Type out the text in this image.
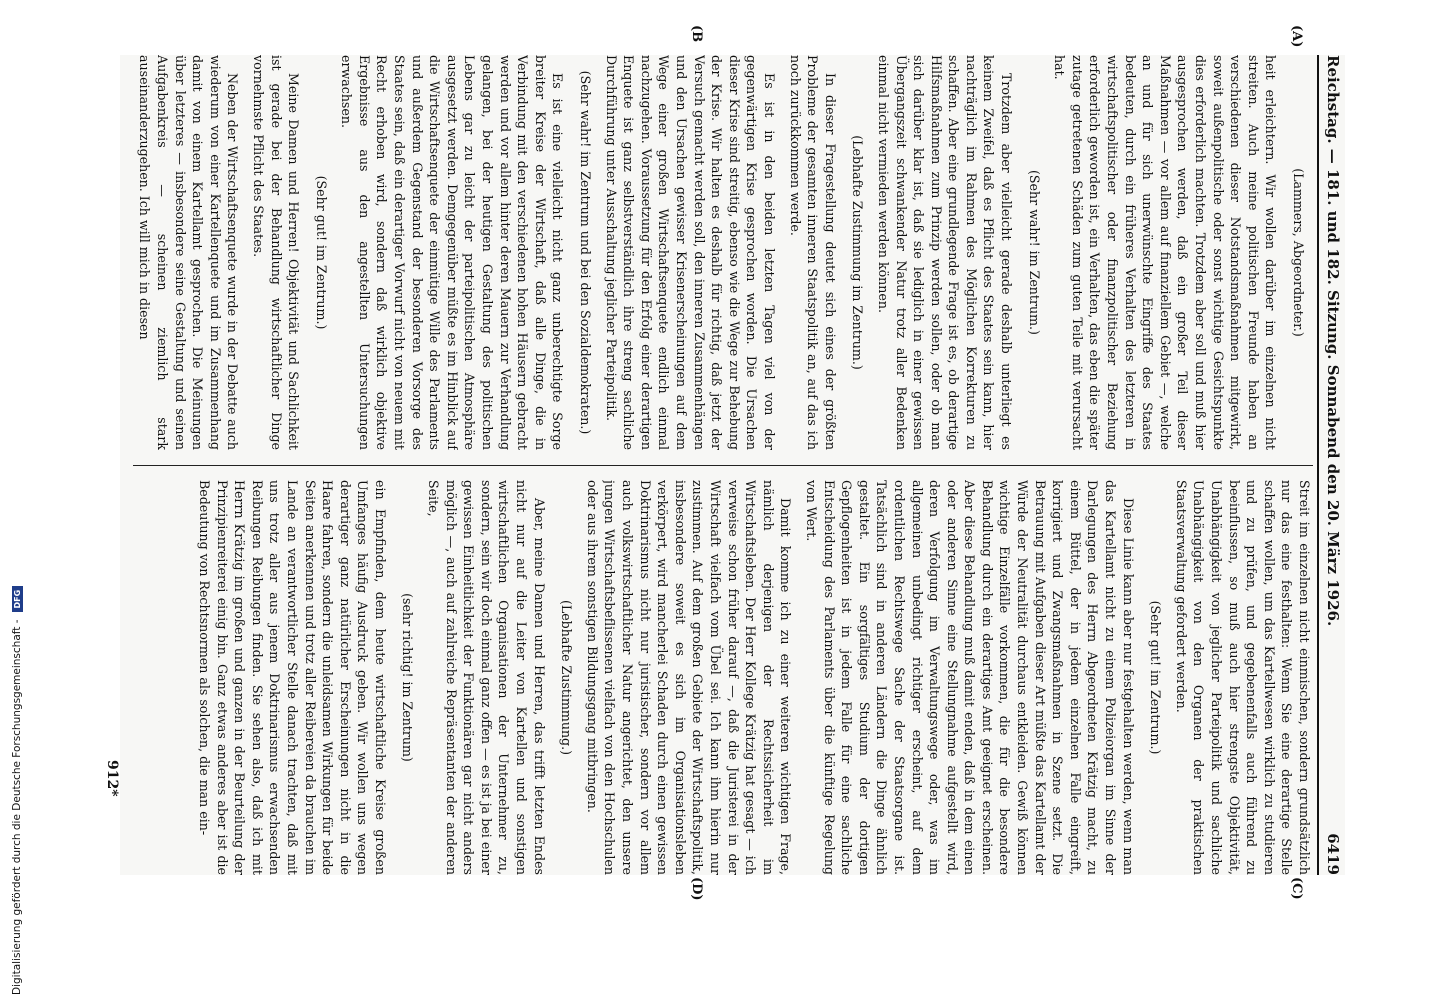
Reichstag. — 181. und 182. Sitzung. Sonnabend den 20. März 1926.
6419

(Lammers, Abgeordneter.)

heit erleichtern. Wir wollen darüber im einzelnen nicht streiten. Auch meine politischen Freunde haben an verschiedenen dieser Notstandsmaßnahmen mitgewirkt, soweit außenpolitische oder sonst wichtige Gesichtspunkte dies erforderlich machten. Trotzdem aber soll und muß hier ausgesprochen werden, daß ein großer Teil dieser Maßnahmen — vor allem auf finanziellem Gebiet —, welche an und für sich unerwünschte Eingriffe des Staates bedeuten, durch ein früheres Verhalten des letzteren in wirtschaftspolitischer oder finanzpolitischer Beziehung erforderlich geworden ist, ein Verhalten, das eben die später zutage getretenen Schäden zum guten Teile mit verursacht hat.

(Sehr wahr! im Zentrum.)

Trotzdem aber vielleicht gerade deshalb unterliegt es keinem Zweifel, daß es Pflicht des Staates sein kann, hier nachträglich im Rahmen des Möglichen Korrekturen zu schaffen. Aber eine grundlegende Frage ist es, ob derartige Hilfsmaßnahmen zum Prinzip werden sollen, oder ob man sich darüber klar ist, daß sie lediglich in einer gewissen Übergangszeit schwankender Natur trotz aller Bedenken einmal nicht vermieden werden können.

(Lebhafte Zustimmung im Zentrum.)

In dieser Fragestellung deutet sich eines der größten Probleme der gesamten inneren Staatspolitik an, auf das ich noch zurückkommen werde.

Es ist in den beiden letzten Tagen viel von der gegenwärtigen Krise gesprochen worden. Die Ursachen dieser Krise sind streitig, ebenso wie die Wege zur Behebung der Krise. Wir halten es deshalb für richtig, daß jetzt der Versuch gemacht werden soll, den inneren Zusammenhängen und den Ursachen gewisser Krisenerscheinungen auf dem Wege einer großen Wirtschaftsenquete endlich einmal nachzugehen. Voraussetzung für den Erfolg einer derartigen Enquete ist ganz selbstverständlich ihre streng sachliche Durchführung unter Ausschaltung jeglicher Parteipolitik.

(Sehr wahr! im Zentrum und bei den Sozialdemokraten.)

Es ist eine vielleicht nicht ganz unberechtigte Sorge breiter Kreise der Wirtschaft, daß alle Dinge, die in Verbindung mit den verschiedenen hohen Häusern gebracht werden und vor allem hinter deren Mauern zur Verhandlung gelangen, bei der heutigen Gestaltung des politischen Lebens gar zu leicht der parteipolitischen Atmosphäre ausgesetzt werden. Demgegenüber müßte es im Hinblick auf die Wirtschaftsenquete der einmütige Wille des Parlaments und außerdem Gegenstand der besonderen Vorsorge des Staates sein, daß ein derartiger Vorwurf nicht von neuem mit Recht erhoben wird, sondern daß wirklich objektive Ergebnisse aus den angestellten Untersuchungen erwachsen.

(Sehr gut! im Zentrum.)

Meine Damen und Herren! Objektivität und Sachlichkeit ist gerade bei der Behandlung wirtschaftlicher Dinge vornehmste Pflicht des Staates.

Neben der Wirtschaftsenquete wurde in der Debatte auch wiederum von einer Kartellenquete und im Zusammenhang damit von einem Kartellamt gesprochen. Die Meinungen über letzteres — insbesondere seine Gestaltung und seinen Aufgabenkreis — scheinen ziemlich stark auseinanderzugehen. Ich will mich in diesen

Streit im einzelnen nicht einmischen, sondern grundsätzlich nur das eine festhalten: Wenn Sie eine derartige Stelle schaffen wollen, um das Kartellwesen wirklich zu studieren und zu prüfen, und gegebenenfalls auch führend zu beeinflussen, so muß auch hier strengste Objektivität, Unabhängigkeit von jeglicher Parteipolitik und sachliche Unabhängigkeit von den Organen der praktischen Staatsverwaltung gefordert werden.

(Sehr gut! im Zentrum.)

Diese Linie kann aber nur festgehalten werden, wenn man das Kartellamt nicht zu einem Polizeiorgan im Sinne der Darlegungen des Herrn Abgeordneten Krätzig macht, zu einem Büttel, der in jedem einzelnen Falle eingreift, korrigiert und Zwangsmaßnahmen in Szene setzt. Die Betrauung mit Aufgaben dieser Art müßte das Kartellamt der Würde der Neutralität durchaus entkleiden. Gewiß können wichtige Einzelfälle vorkommen, die für die besondere Behandlung durch ein derartiges Amt geeignet erscheinen. Aber diese Behandlung muß damit enden, daß in dem einen oder anderen Sinne eine Stellungnahme aufgestellt wird, deren Verfolgung im Verwaltungswege oder, was im allgemeinen unbedingt richtiger erscheint, auf dem ordentlichen Rechtswege Sache der Staatsorgane ist. Tatsächlich sind in anderen Ländern die Dinge ähnlich gestaltet. Ein sorgfältiges Studium der dortigen Gepflogenheiten ist in jedem Falle für eine sachliche Entscheidung des Parlaments über die künftige Regelung von Wert.

Damit komme ich zu einer weiteren wichtigen Frage, nämlich derjenigen der Rechtssicherheit im Wirtschaftsleben. Der Herr Kollege Krätzig hat gesagt — ich verweise schon früher darauf —, daß die Juristerei in der Wirtschaft vielfach vom Übel sei. Ich kann ihm hierin nur zustimmen. Auf dem großen Gebiete der Wirtschaftspolitik, insbesondere soweit es sich im Organisationsleben verkörpert, wird mancherlei Schaden durch einen gewissen Doktrinarismus nicht nur juristischer, sondern vor allem auch volkswirtschaftlicher Natur angerichtet, den unsere jungen Wirtschaftsbeflissenen vielfach von den Hochschulen oder aus ihrem sonstigen Bildungsgang mitbringen.

(Lebhafte Zustimmung.)

Aber, meine Damen und Herren, das trifft letzten Endes nicht nur auf die Leiter von Kartellen und sonstigen wirtschaftlichen Organisationen der Unternehmer zu, sondern, sein wir doch einmal ganz offen — es ist ja bei einer gewissen Einheitlichkeit der Funktionären gar nicht anders möglich —, auch auf zahlreiche Repräsentanten der anderen Seite,

(sehr richtig! im Zentrum)

ein Empfinden, dem heute wirtschaftliche Kreise großen Umfanges häufig Ausdruck geben. Wir wollen uns wegen derartiger ganz natürlicher Erscheinungen nicht in die Haare fahren, sondern die unleidsamen Wirkungen für beide Seiten anerkennen und trotz aller Reibereien da brauchen im Lande an verantwortlicher Stelle danach trachten, daß mit uns trotz aller aus jenem Doktrinarismus erwachsenden Reibungen Reibungen finden. Sie sehen also, daß ich mit Herrn Krätzig im großen und ganzen in der Beurteilung der Prinzipienreiterei einig bin. Ganz etwas anderes aber ist die Bedeutung von Rechtsnormen als solchen, die man ein-

(A)
(B
(C)
(D)
912*
Digitalisierung gefördert durch die Deutsche Forschungsgemeinschaft - DFG
